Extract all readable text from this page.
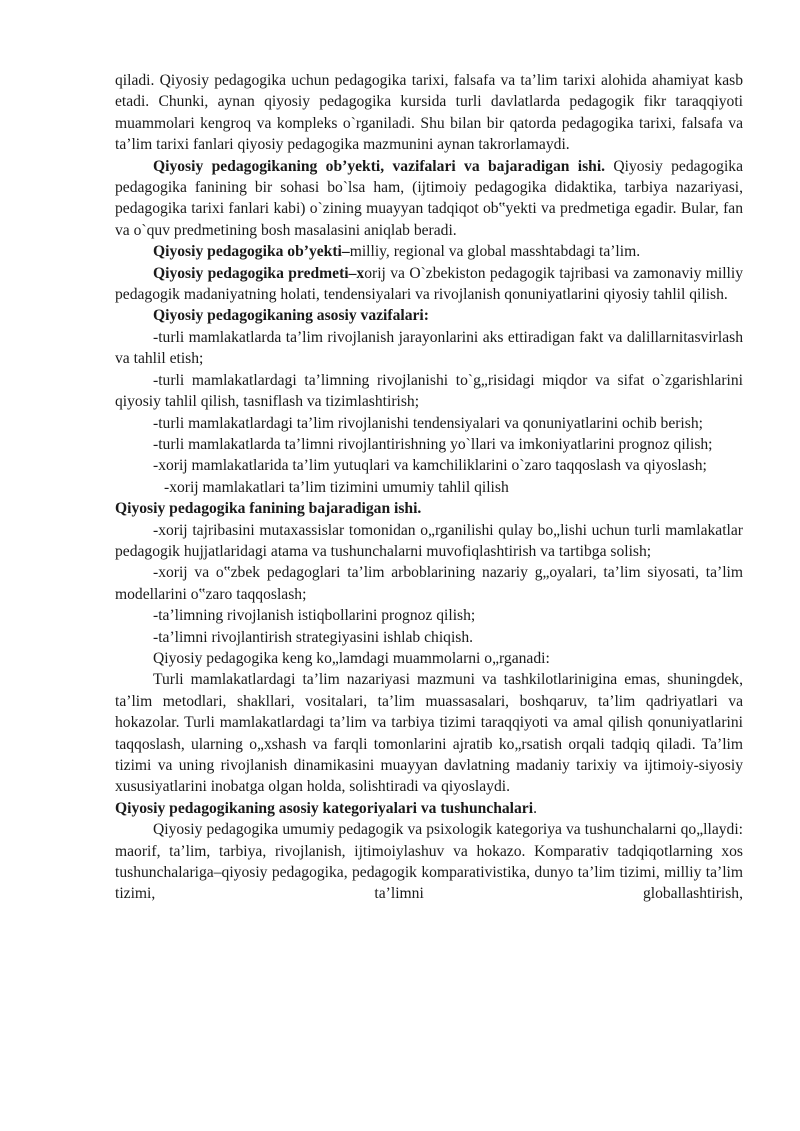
qiladi. Qiyosiy pedagogika uchun pedagogika tarixi, falsafa va ta’lim tarixi alohida ahamiyat kasb etadi. Chunki, aynan qiyosiy pedagogika kursida turli davlatlarda pedagogik fikr taraqqiyoti muammolari kengroq va kompleks o`rganiladi. Shu bilan bir qatorda pedagogika tarixi, falsafa va ta’lim tarixi fanlari qiyosiy pedagogika mazmunini aynan takrorlamaydi.

Qiyosiy pedagogikaning ob’yekti, vazifalari va bajaradigan ishi. Qiyosiy pedagogika pedagogika fanining bir sohasi bo`lsa ham, (ijtimoiy pedagogika didaktika, tarbiya nazariyasi, pedagogika tarixi fanlari kabi) o`zining muayyan tadqiqot ob‟yekti va predmetiga egadir. Bular, fan va o`quv predmetining bosh masalasini aniqlab beradi.

Qiyosiy pedagogika ob’yekti–milliy, regional va global masshtabdagi ta’lim.

Qiyosiy pedagogika predmeti–xorij va O`zbekiston pedagogik tajribasi va zamonaviy milliy pedagogik madaniyatning holati, tendensiyalari va rivojlanish qonuniyatlarini qiyosiy tahlil qilish.

Qiyosiy pedagogikaning asosiy vazifalari:

-turli mamlakatlarda ta’lim rivojlanish jarayonlarini aks ettiradigan fakt va dalillarnitasvirlash va tahlil etish;

-turli mamlakatlardagi ta’limning rivojlanishi to`g„risidagi miqdor va sifat o`zgarishlarini qiyosiy tahlil qilish, tasniflash va tizimlashtirish;

-turli mamlakatlardagi ta’lim rivojlanishi tendensiyalari va qonuniyatlarini ochib berish;

-turli mamlakatlarda ta’limni rivojlantirishning yo`llari va imkoniyatlarini prognoz qilish;

-xorij mamlakatlarida ta’lim yutuqlari va kamchiliklarini o`zaro taqqoslash va qiyoslash;

-xorij mamlakatlari ta’lim tizimini umumiy tahlil qilish

Qiyosiy pedagogika fanining bajaradigan ishi.

-xorij tajribasini mutaxassislar tomonidan o„rganilishi qulay bo„lishi uchun turli mamlakatlar pedagogik hujjatlaridagi atama va tushunchalarni muvofiqlashtirish va tartibga solish;

-xorij va o‟zbek pedagoglari ta’lim arboblarining nazariy g„oyalari, ta’lim siyosati, ta’lim modellarini o‟zaro taqqoslash;

-ta’limning rivojlanish istiqbollarini prognoz qilish;

-ta’limni rivojlantirish strategiyasini ishlab chiqish.

Qiyosiy pedagogika keng ko„lamdagi muammolarni o„rganadi:

Turli mamlakatlardagi ta’lim nazariyasi mazmuni va tashkilotlarinigina emas, shuningdek, ta’lim metodlari, shakllari, vositalari, ta’lim muassasalari, boshqaruv, ta’lim qadriyatlari va hokazolar. Turli mamlakatlardagi ta’lim va tarbiya tizimi taraqqiyoti va amal qilish qonuniyatlarini taqqoslash, ularning o„xshash va farqli tomonlarini ajratib ko„rsatish orqali tadqiq qiladi. Ta’lim tizimi va uning rivojlanish dinamikasini muayyan davlatning madaniy tarixiy va ijtimoiy-siyosiy xususiyatlarini inobatga olgan holda, solishtiradi va qiyoslaydi.

Qiyosiy pedagogikaning asosiy kategoriyalari va tushunchalari.

Qiyosiy pedagogika umumiy pedagogik va psixologik kategoriya va tushunchalarni qo„llaydi: maorif, ta’lim, tarbiya, rivojlanish, ijtimoiylashuv va hokazo. Komparativ tadqiqotlarning xos tushunchalariga–qiyosiy pedagogika, pedagogik komparativistika, dunyo ta’lim tizimi, milliy ta’lim tizimi, ta’limni globallashtirish,
